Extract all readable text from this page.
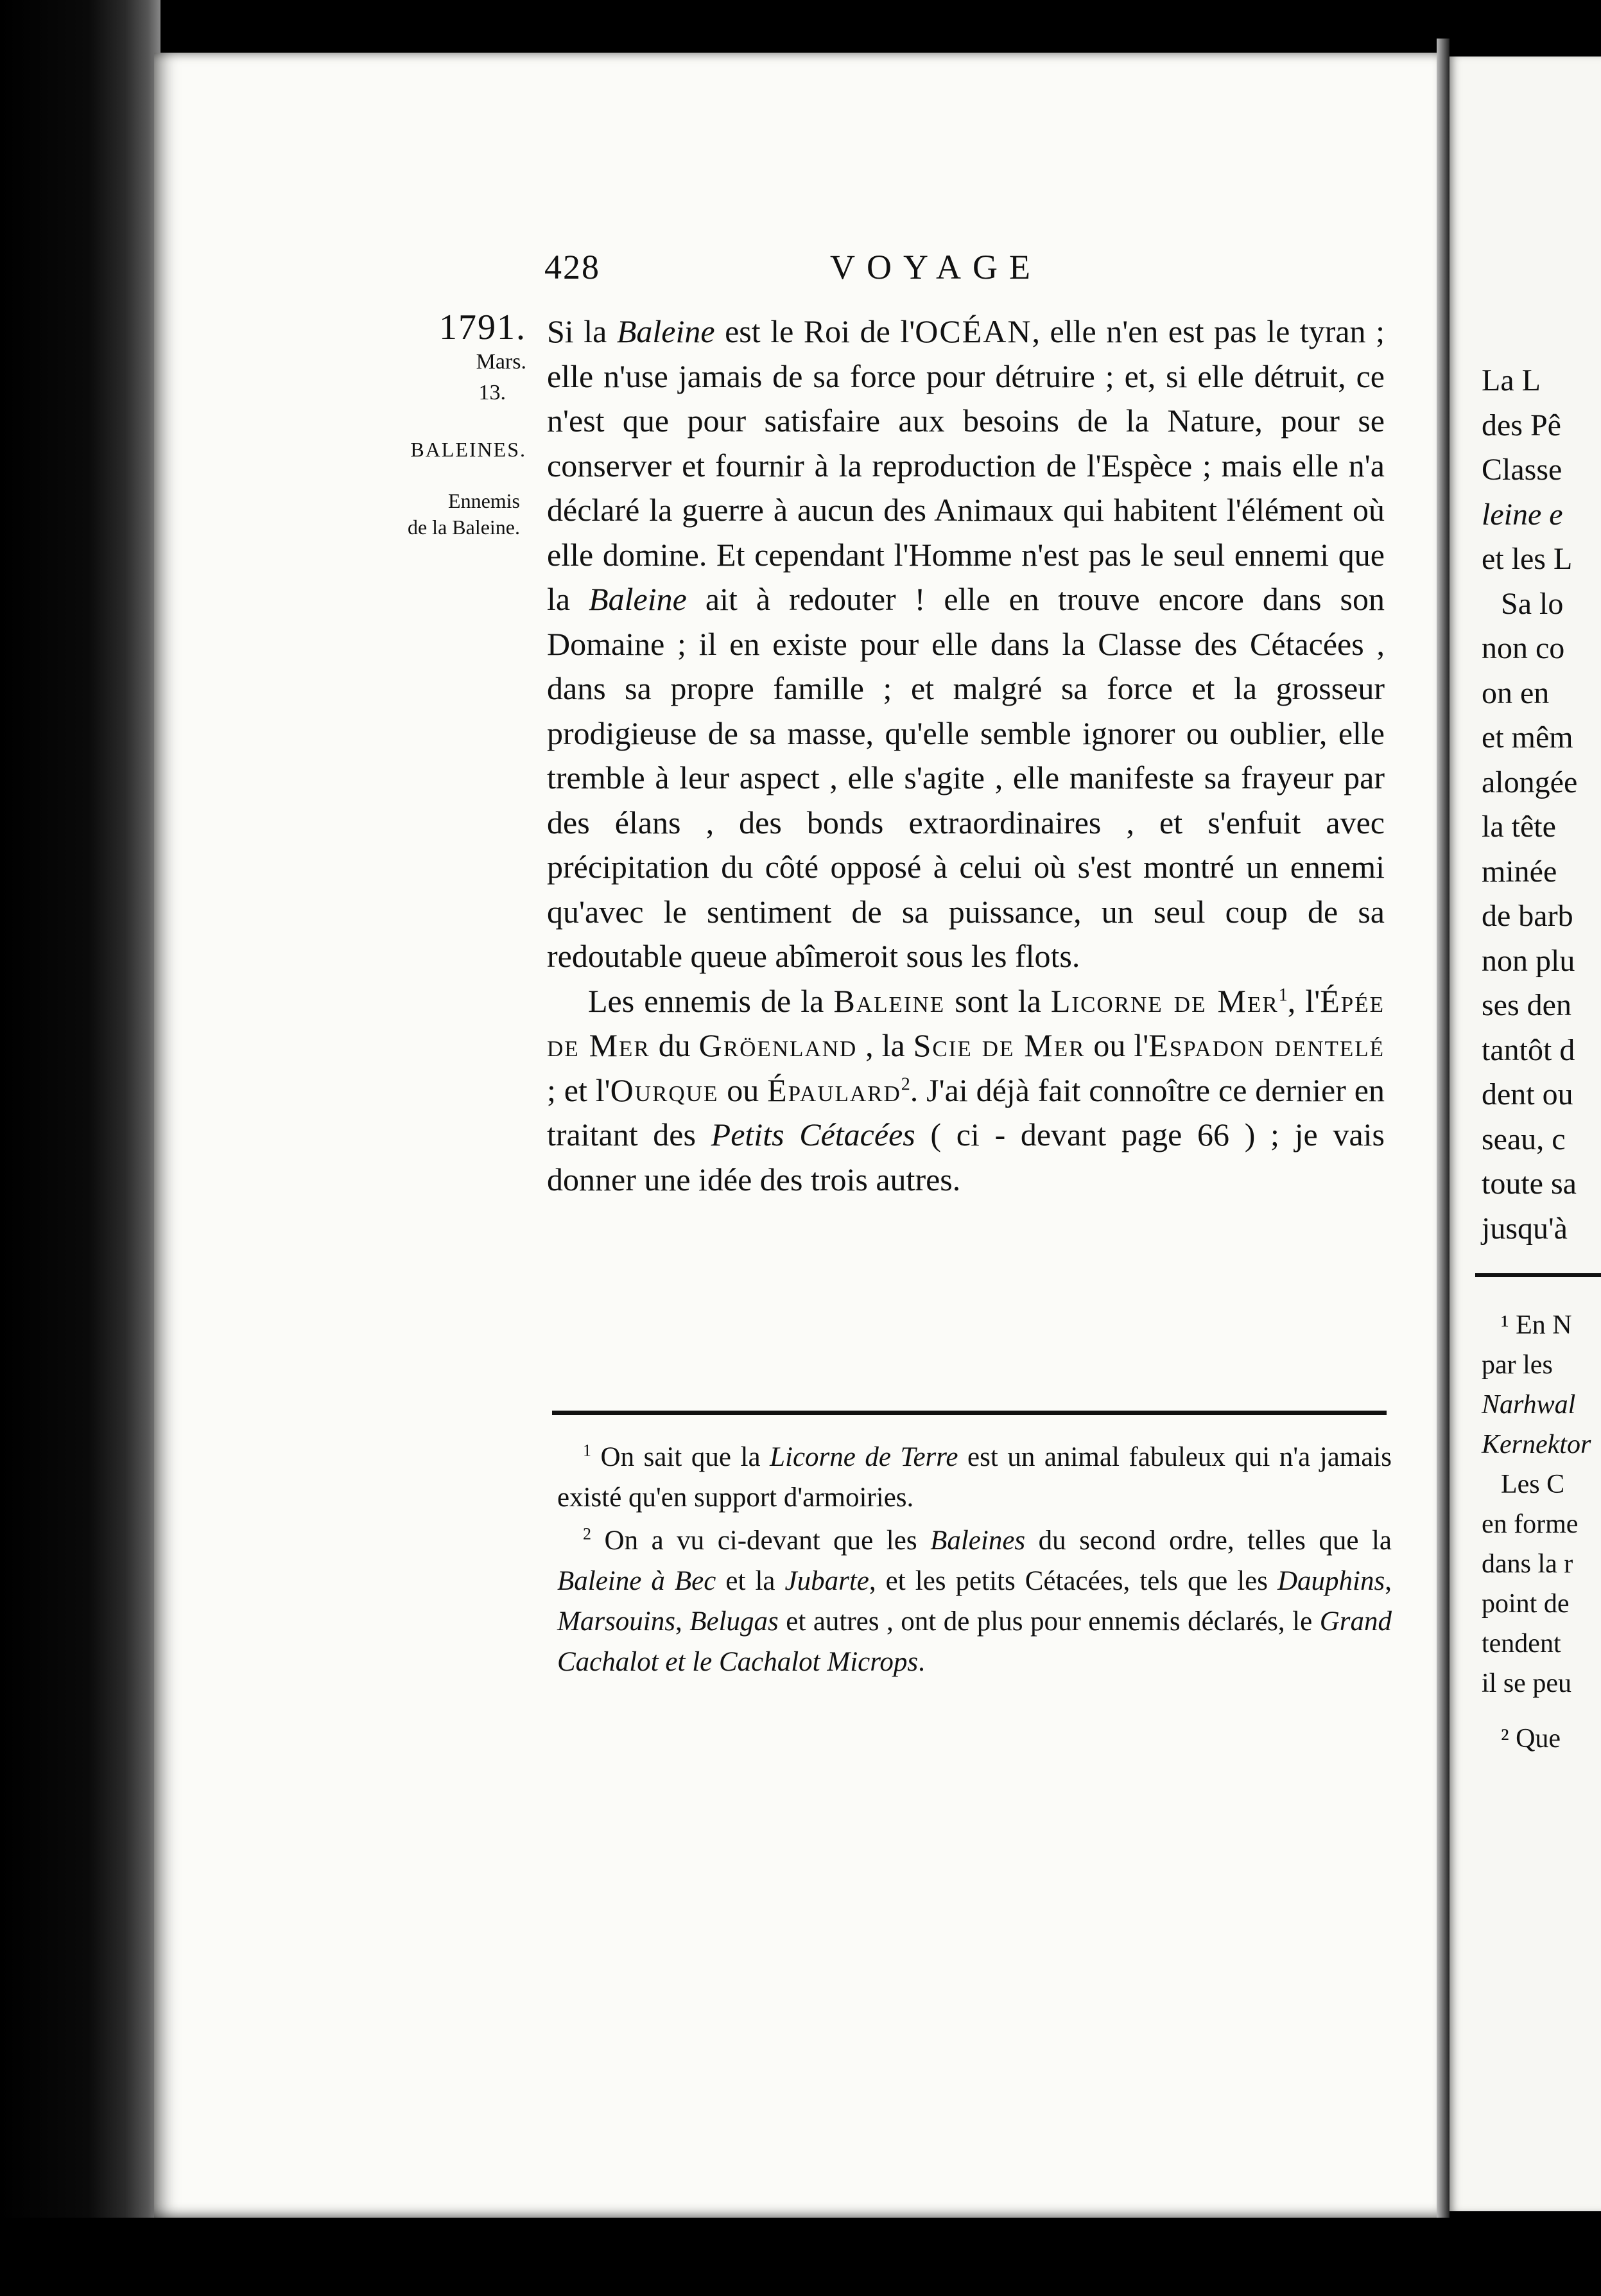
La L
des Pê
Classe
leine e
et les L
Sa lo
non co
on en
et mêm
alongée
la tête
minée
de barb
non plu
ses den
tantôt d
dent ou
seau, c
toute sa
jusqu'à
¹ En N
par les
Narhwal
Kernektor
Les C
en forme
dans la r
point de
tendent
il se peu
² Que
428	VOYAGE
1791.
Mars.
13.
BALEINES.
Ennemis
de la Baleine.

Si la Baleine est le Roi de l'OCÉAN, elle n'en est pas le tyran ; elle n'use jamais de sa force pour détruire ; et, si elle détruit, ce n'est que pour satisfaire aux besoins de la Nature, pour se conserver et fournir à la reproduction de l'Espèce ; mais elle n'a déclaré la guerre à aucun des Animaux qui habitent l'élément où elle domine. Et cependant l'Homme n'est pas le seul ennemi que la Baleine ait à redouter ! elle en trouve encore dans son Domaine ; il en existe pour elle dans la Classe des Cétacées , dans sa propre famille ; et malgré sa force et la grosseur prodigieuse de sa masse, qu'elle semble ignorer ou oublier, elle tremble à leur aspect , elle s'agite , elle manifeste sa frayeur par des élans , des bonds extraordinaires , et s'enfuit avec précipitation du côté opposé à celui où s'est montré un ennemi qu'avec le sentiment de sa puissance, un seul coup de sa redoutable queue abîmeroit sous les flots.

Les ennemis de la Baleine sont la Licorne de Mer$^1$, l'Épée de Mer du Gröenland , la Scie de Mer ou l'Espadon dentelé ; et l'Ourque ou Épaulard$^2$. J'ai déjà fait connoître ce dernier en traitant des Petits Cétacées ( ci - devant page 66 ) ; je vais donner une idée des trois autres.

$^1$ On sait que la Licorne de Terre est un animal fabuleux qui n'a jamais existé qu'en support d'armoiries.

$^2$ On a vu ci-devant que les Baleines du second ordre, telles que la Baleine à Bec et la Jubarte, et les petits Cétacées, tels que les Dauphins, Marsouins, Belugas et autres , ont de plus pour ennemis déclarés, le Grand Cachalot et le Cachalot Microps.
